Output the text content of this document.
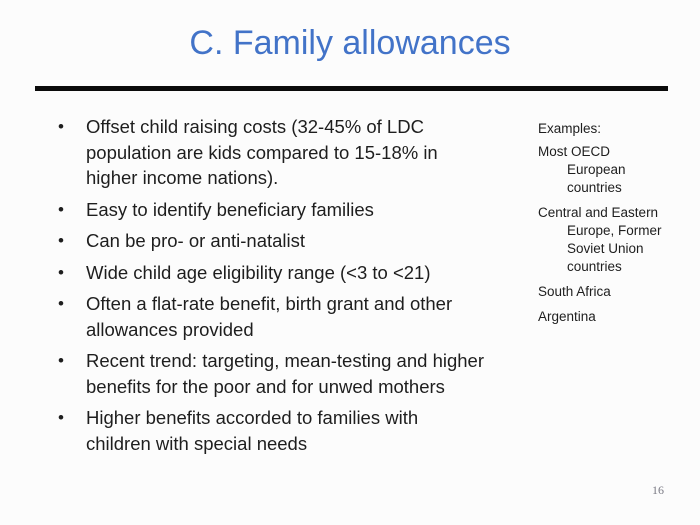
C. Family allowances
• Offset child raising costs (32-45% of LDC population are kids compared to 15-18% in higher income nations).
• Easy to identify beneficiary families
• Can be pro- or anti-natalist
• Wide child age eligibility range (<3 to <21)
• Often a flat-rate benefit, birth grant and other allowances provided
• Recent trend: targeting, mean-testing and higher benefits for the poor and for unwed mothers
• Higher benefits accorded to families with children with special needs
Examples:
Most OECD
European
countries
Central and Eastern
Europe, Former
Soviet Union
countries
South Africa
Argentina
16
